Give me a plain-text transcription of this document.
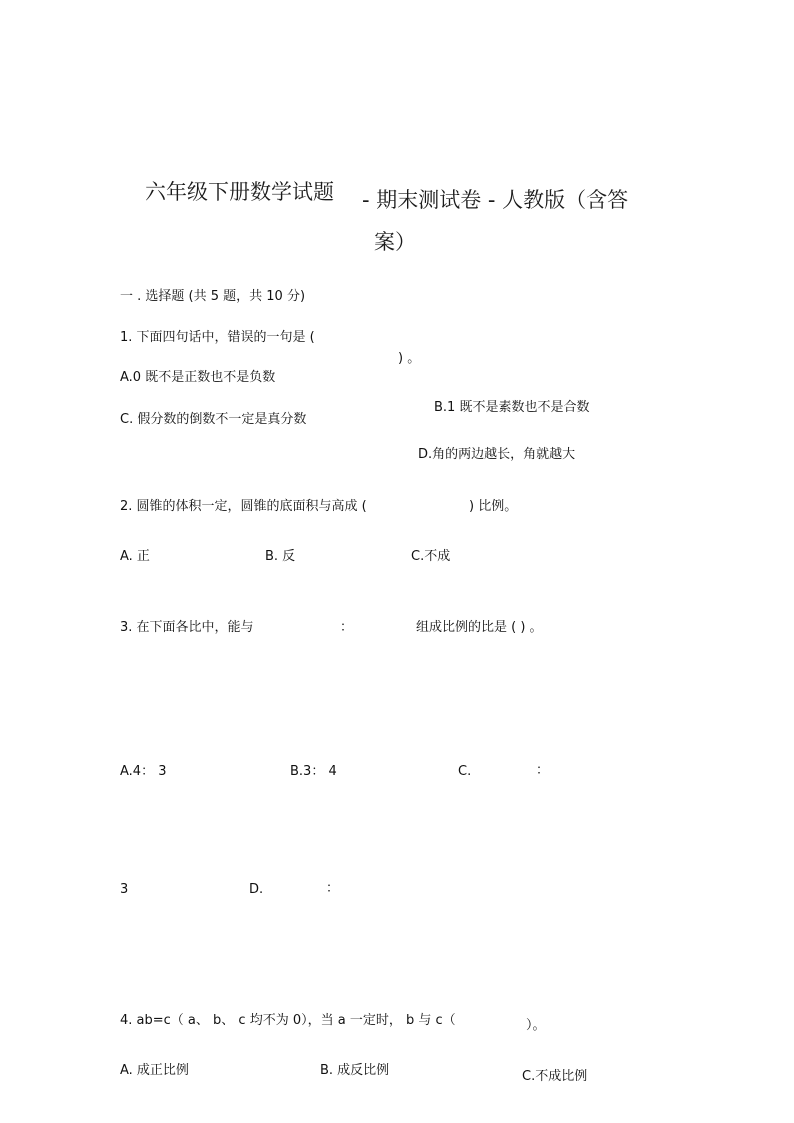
六年级下册数学试题 - 期末测试卷 - 人教版（含答
案）
一 . 选择题 (共 5 题，共 10 分)
1. 下面四句话中，错误的一句是 (
) 。
A.0 既不是正数也不是负数
B.1 既不是素数也不是合数
C. 假分数的倒数不一定是真分数
D.角的两边越长，角就越大
2. 圆锥的体积一定，圆锥的底面积与高成 (	) 比例。
A. 正	B. 反	C.不成
3. 在下面各比中，能与	：	组成比例的比是 ( ) 。
A.4： 3	B.3： 4	C.	：
3	D.	：
4. ab=c（ a、 b、 c 均不为 0），当 a 一定时， b 与 c（	）。
A. 成正比例	B. 成反比例	C.不成比例
